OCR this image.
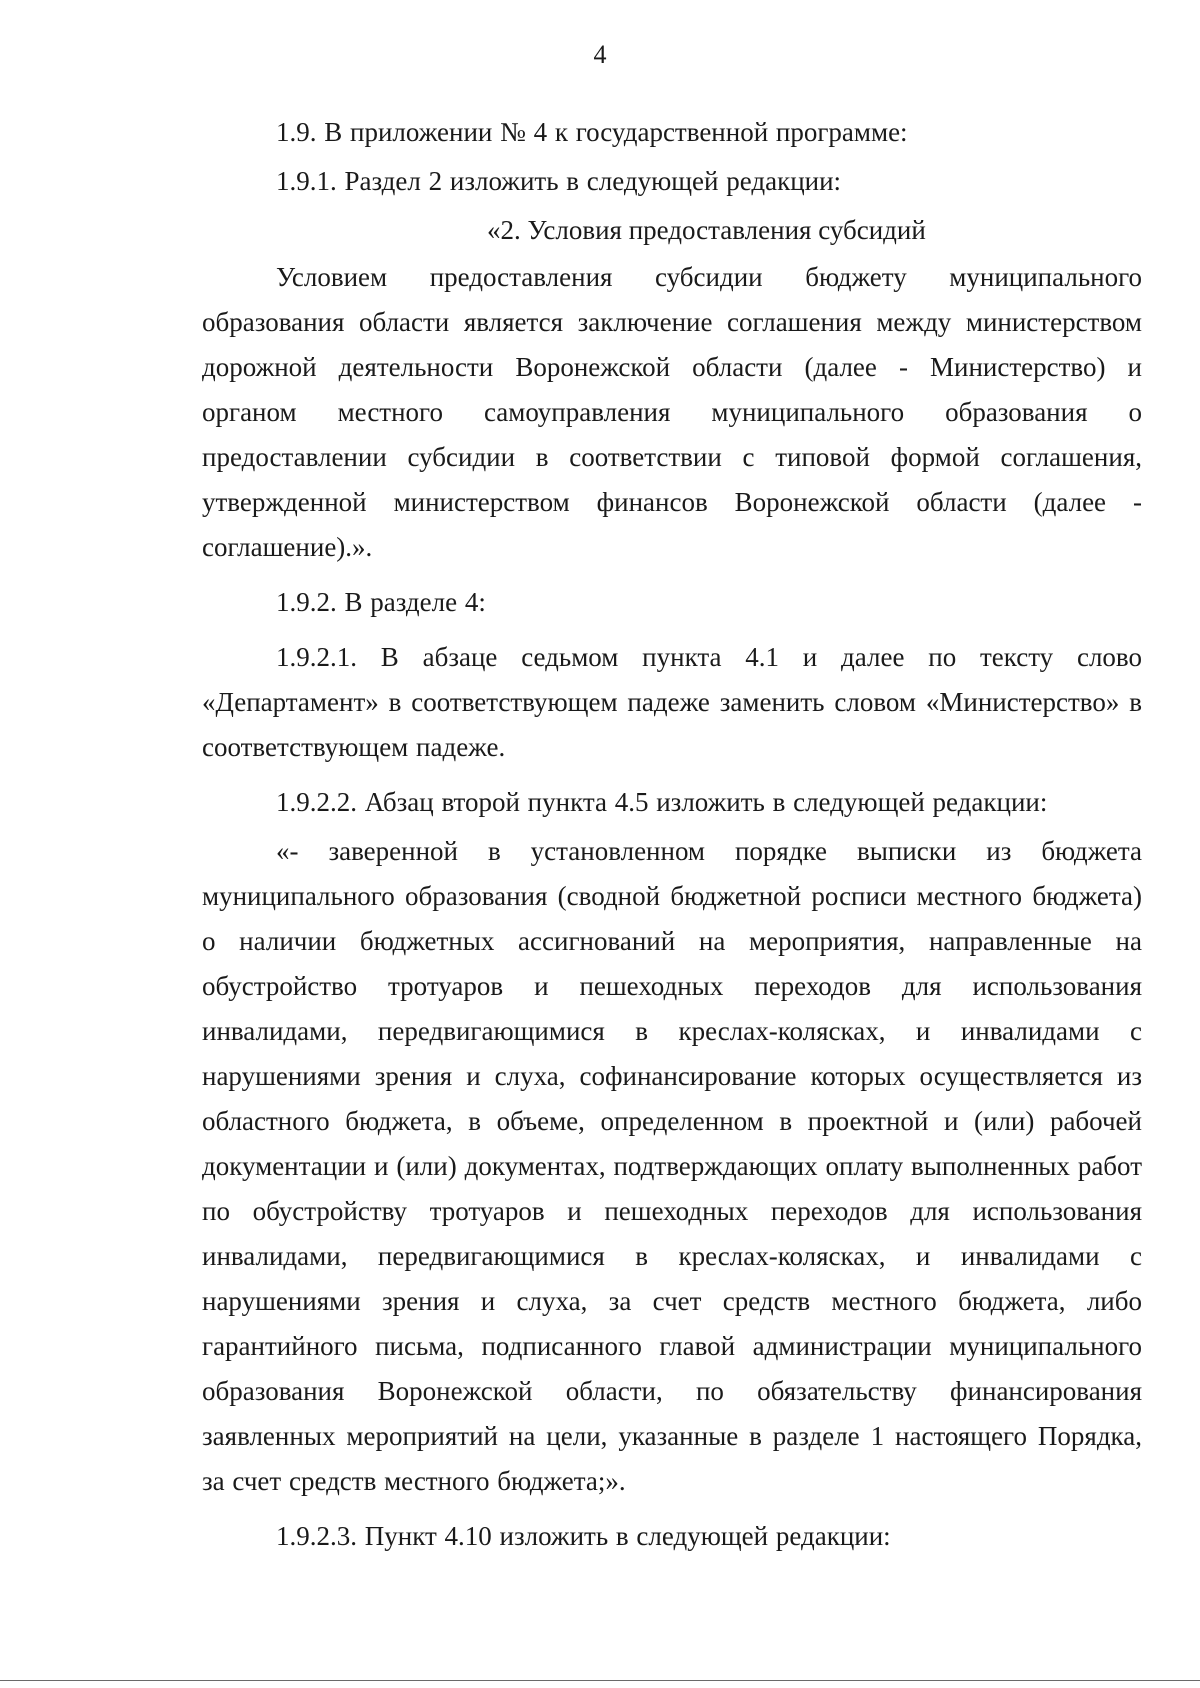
4

1.9. В приложении № 4 к государственной программе:

1.9.1. Раздел 2 изложить в следующей редакции:

«2. Условия предоставления субсидий

Условием предоставления субсидии бюджету муниципального образования области является заключение соглашения между министерством дорожной деятельности Воронежской области (далее - Министерство) и органом местного самоуправления муниципального образования о предоставлении субсидии в соответствии с типовой формой соглашения, утвержденной министерством финансов Воронежской области (далее - соглашение).».

1.9.2. В разделе 4:

1.9.2.1. В абзаце седьмом пункта 4.1 и далее по тексту слово «Департамент» в соответствующем падеже заменить словом «Министерство» в соответствующем падеже.

1.9.2.2. Абзац второй пункта 4.5 изложить в следующей редакции:

«- заверенной в установленном порядке выписки из бюджета муниципального образования (сводной бюджетной росписи местного бюджета) о наличии бюджетных ассигнований на мероприятия, направленные на обустройство тротуаров и пешеходных переходов для использования инвалидами, передвигающимися в креслах-колясках, и инвалидами с нарушениями зрения и слуха, софинансирование которых осуществляется из областного бюджета, в объеме, определенном в проектной и (или) рабочей документации и (или) документах, подтверждающих оплату выполненных работ по обустройству тротуаров и пешеходных переходов для использования инвалидами, передвигающимися в креслах-колясках, и инвалидами с нарушениями зрения и слуха, за счет средств местного бюджета, либо гарантийного письма, подписанного главой администрации муниципального образования Воронежской области, по обязательству финансирования заявленных мероприятий на цели, указанные в разделе 1 настоящего Порядка, за счет средств местного бюджета;».

1.9.2.3. Пункт 4.10 изложить в следующей редакции:
